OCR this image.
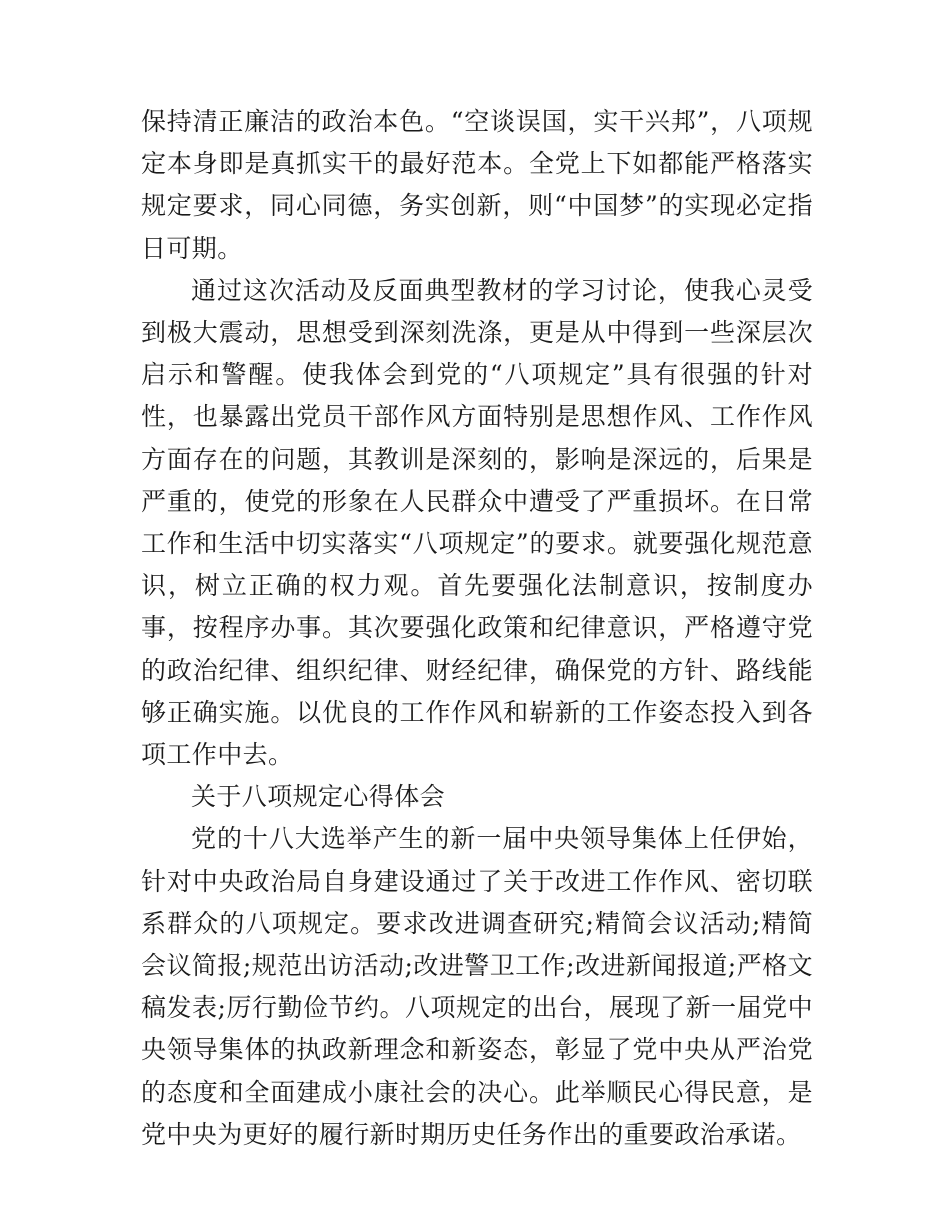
保持清正廉洁的政治本色。“空谈误国，实干兴邦”，八项规定本身即是真抓实干的最好范本。全党上下如都能严格落实规定要求，同心同德，务实创新，则“中国梦”的实现必定指日可期。

通过这次活动及反面典型教材的学习讨论，使我心灵受到极大震动，思想受到深刻洗涤，更是从中得到一些深层次启示和警醒。使我体会到党的“八项规定”具有很强的针对性，也暴露出党员干部作风方面特别是思想作风、工作作风方面存在的问题，其教训是深刻的，影响是深远的，后果是严重的，使党的形象在人民群众中遭受了严重损坏。在日常工作和生活中切实落实“八项规定”的要求。就要强化规范意识，树立正确的权力观。首先要强化法制意识，按制度办事，按程序办事。其次要强化政策和纪律意识，严格遵守党的政治纪律、组织纪律、财经纪律，确保党的方针、路线能够正确实施。以优良的工作作风和崭新的工作姿态投入到各项工作中去。

关于八项规定心得体会

党的十八大选举产生的新一届中央领导集体上任伊始，针对中央政治局自身建设通过了关于改进工作作风、密切联系群众的八项规定。要求改进调查研究;精简会议活动;精简会议简报;规范出访活动;改进警卫工作;改进新闻报道;严格文稿发表;厉行勤俭节约。八项规定的出台，展现了新一届党中央领导集体的执政新理念和新姿态，彰显了党中央从严治党的态度和全面建成小康社会的决心。此举顺民心得民意，是党中央为更好的履行新时期历史任务作出的重要政治承诺。
